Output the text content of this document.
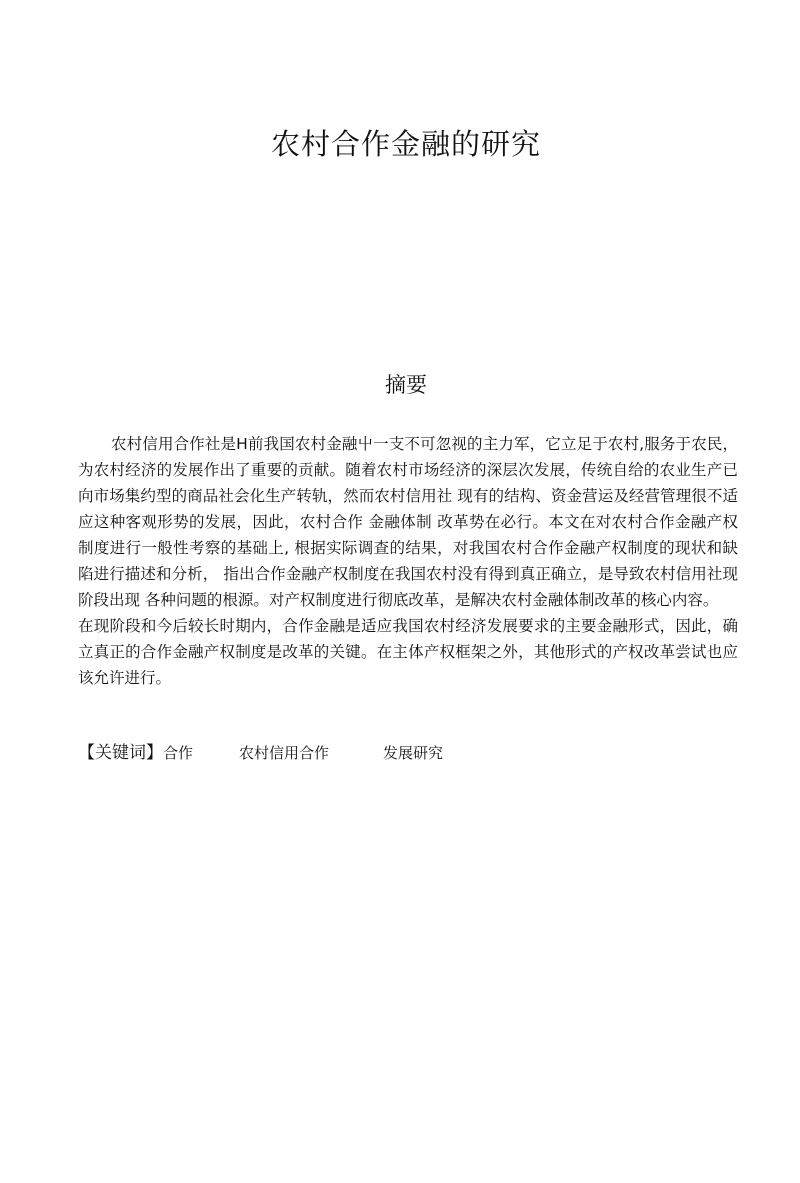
农村合作金融的研究
摘要

农村信用合作社是H前我国农村金融屮一支不可忽视的主力军，它立足于农村,服务于农民，为农村经济的发展作出了重要的贡献。随着农村市场经济的深层次发展，传统自给的农业生产已向市场集约型的商品社会化生产转轨，然而农村信用社 现有的结构、资金营运及经营管理很不适应这种客观形势的发展，因此，农村合作 金融体制 改革势在必行。本文在对农村合作金融产权制度进行一般性考察的基础上, 根据实际调查的结果，对我国农村合作金融产权制度的现状和缺陷进行描述和分析， 指出合作金融产权制度在我国农村没有得到真正确立，是导致农村信用社现阶段出现 各种问题的根源。对产权制度进行彻底改革，是解决农村金融体制改革的核心内容。

在现阶段和今后较长时期内，合作金融是适应我国农村经济发展要求的主要金融形式，因此，确立真正的合作金融产权制度是改革的关键。在主体产权框架之外，其他形式的产权改革尝试也应该允许进行。

【关键词】合作	农村信用合作	发展研究
